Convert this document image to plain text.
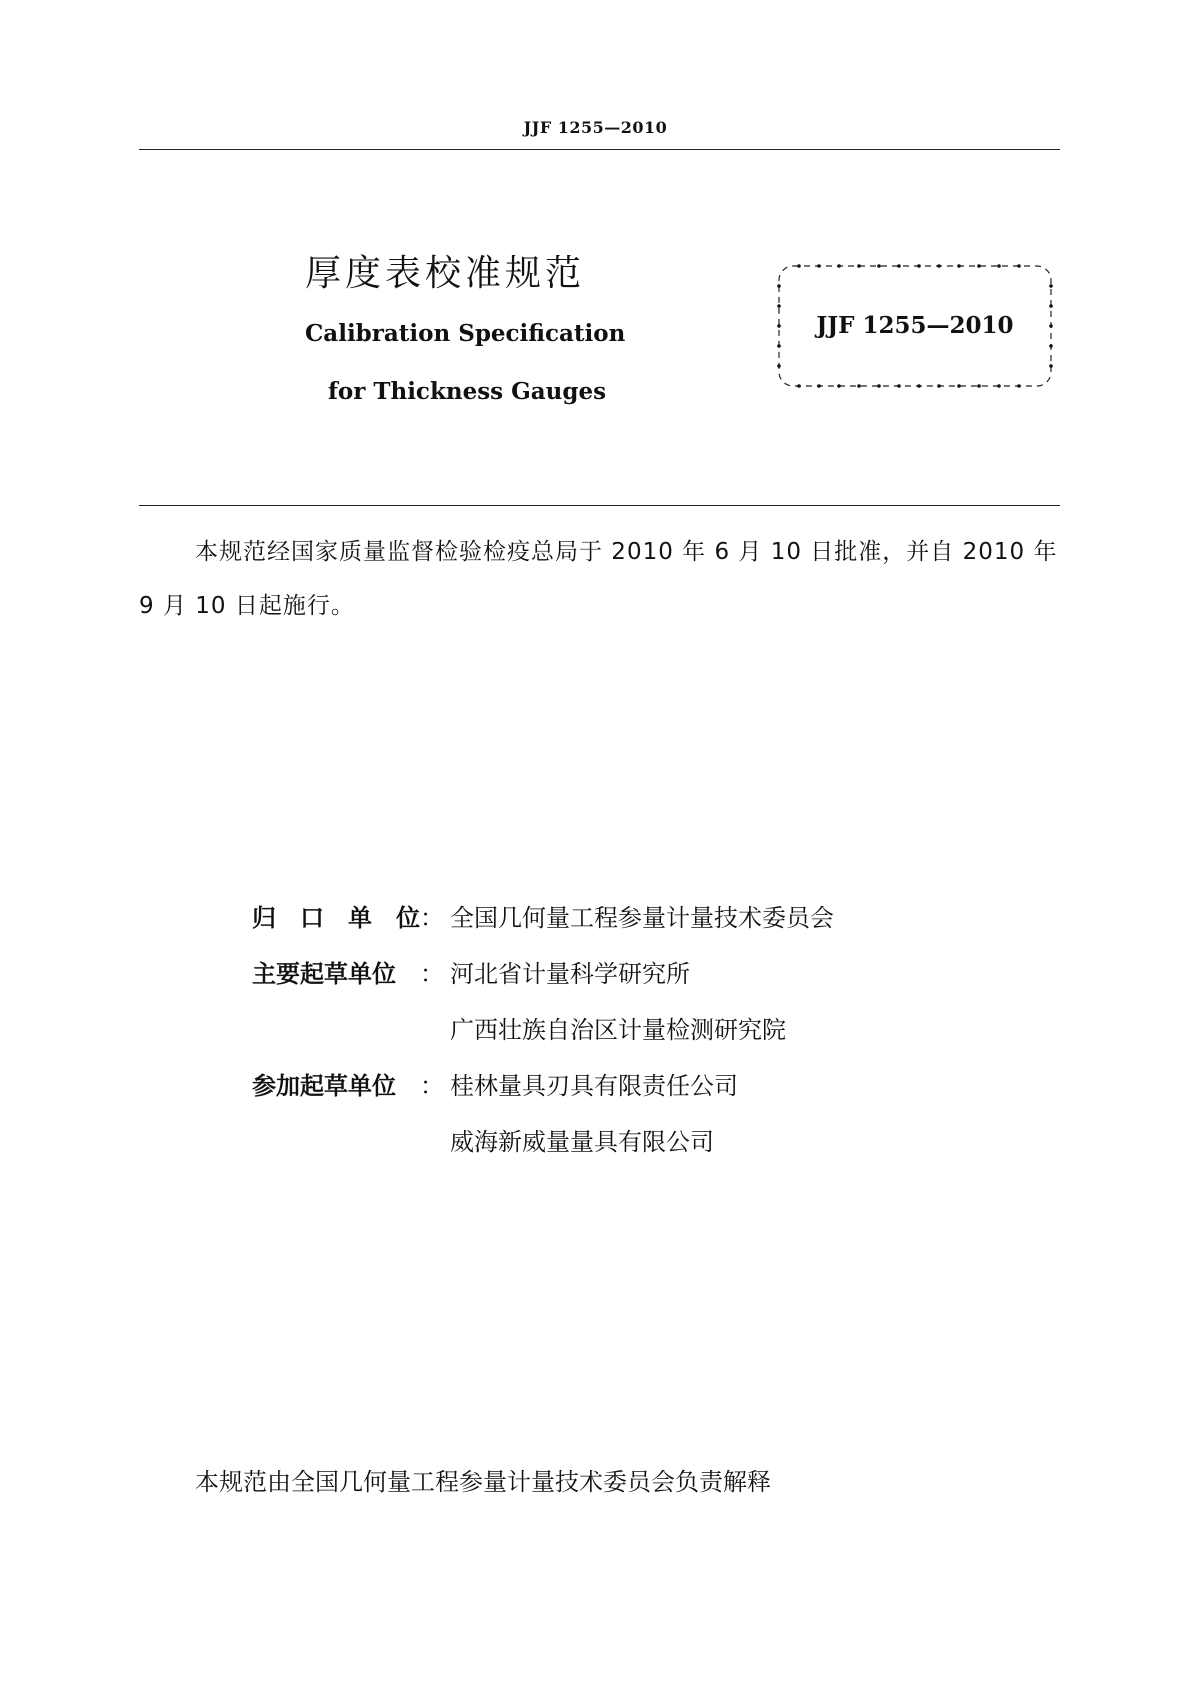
JJF 1255—2010
厚度表校准规范
Calibration Specification
for Thickness Gauges
JJF 1255—2010
本规范经国家质量监督检验检疫总局于 2010 年 6 月 10 日批准，并自 2010 年 9 月 10 日起施行。
归 口 单 位 ： 全国几何量工程参量计量技术委员会
主要起草单位 ： 河北省计量科学研究所
广西壮族自治区计量检测研究院
参加起草单位 ： 桂林量具刃具有限责任公司
威海新威量量具有限公司
本规范由全国几何量工程参量计量技术委员会负责解释
